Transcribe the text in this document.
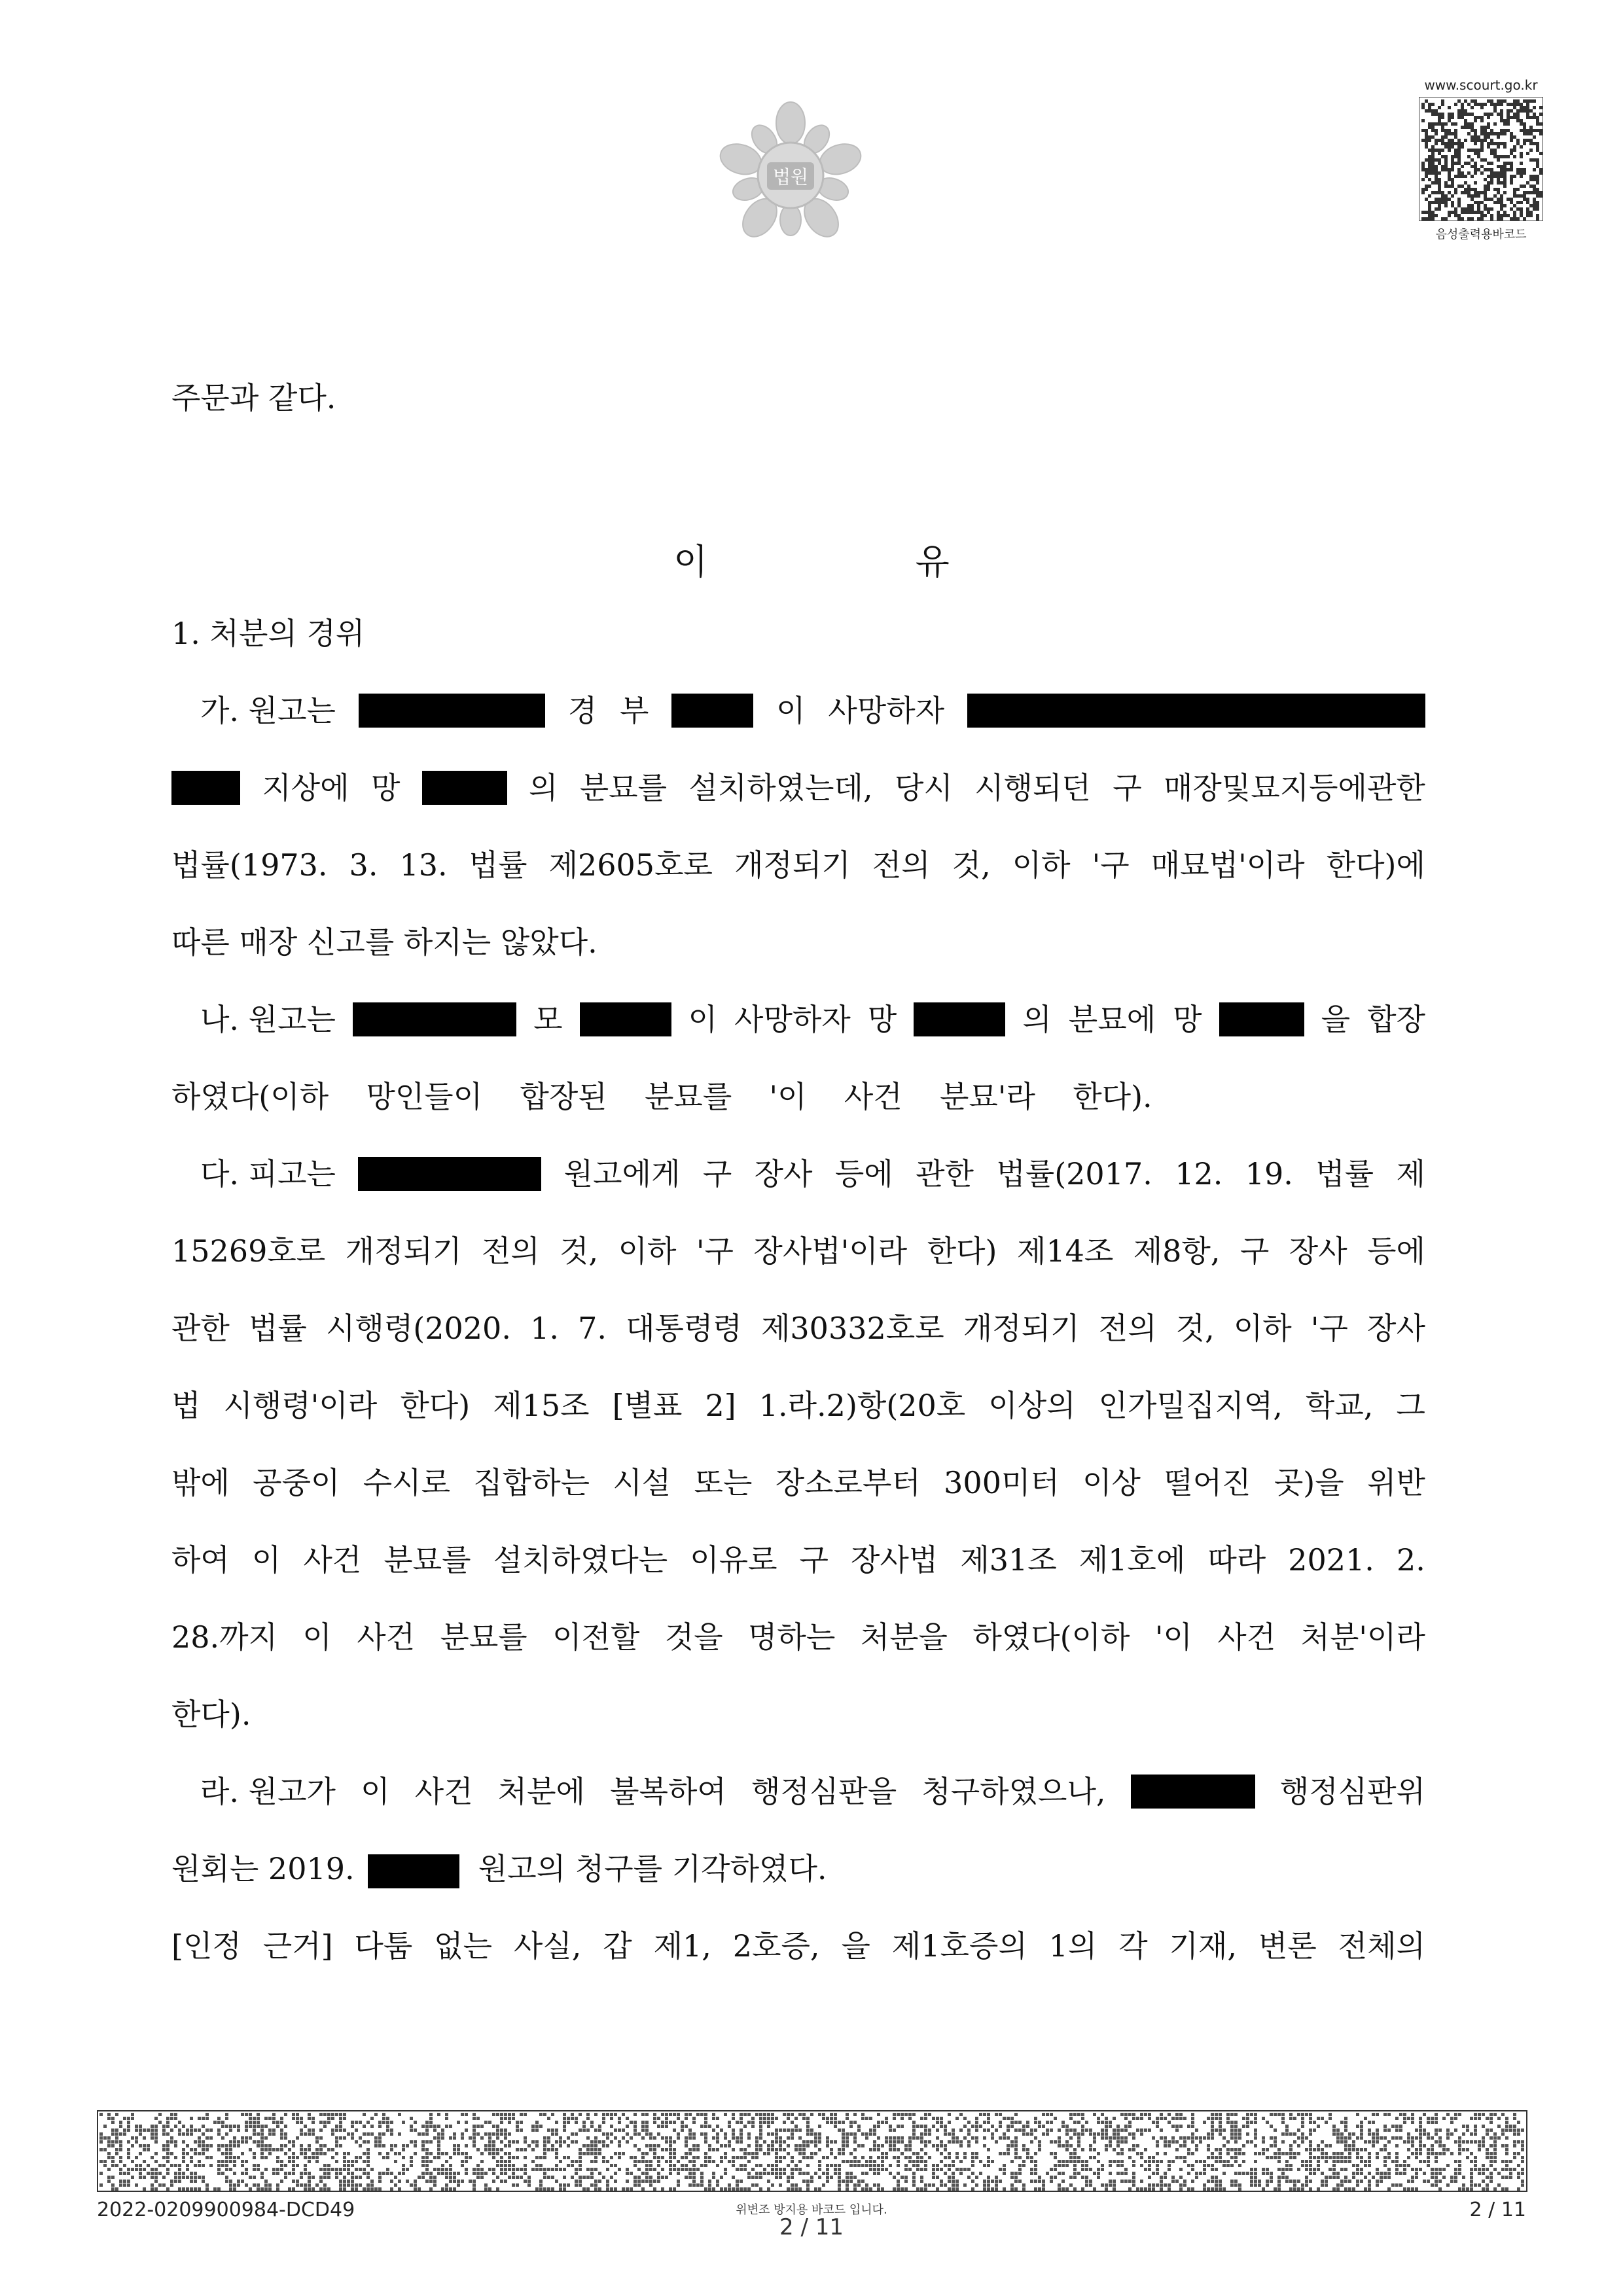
법원
www.scourt.go.kr
음성출력용바코드
주문과 같다.
이 유
1. 처분의 경위
가. 원고는	경 부	이 사망하자
지상에 망	의 분묘를 설치하였는데, 당시 시행되던 구 매장및묘지등에관한
법률(1973. 3. 13. 법률 제2605호로 개정되기 전의 것, 이하 '구 매묘법'이라 한다)에
따른 매장 신고를 하지는 않았다.
나. 원고는	모	이 사망하자 망	의 분묘에 망	을 합장
하였다(이하 망인들이 합장된 분묘를 '이 사건 분묘'라 한다).
다. 피고는	원고에게 구 장사 등에 관한 법률(2017. 12. 19. 법률 제
15269호로 개정되기 전의 것, 이하 '구 장사법'이라 한다) 제14조 제8항, 구 장사 등에
관한 법률 시행령(2020. 1. 7. 대통령령 제30332호로 개정되기 전의 것, 이하 '구 장사
법 시행령'이라 한다) 제15조 [별표 2] 1.라.2)항(20호 이상의 인가밀집지역, 학교, 그
밖에 공중이 수시로 집합하는 시설 또는 장소로부터 300미터 이상 떨어진 곳)을 위반
하여 이 사건 분묘를 설치하였다는 이유로 구 장사법 제31조 제1호에 따라 2021. 2.
28.까지 이 사건 분묘를 이전할 것을 명하는 처분을 하였다(이하 '이 사건 처분'이라
한다).
라. 원고가 이 사건 처분에 불복하여 행정심판을 청구하였으나,	행정심판위
원회는 2019.	원고의 청구를 기각하였다.
[인정 근거] 다툼 없는 사실, 갑 제1, 2호증, 을 제1호증의 1의 각 기재, 변론 전체의
2022-0209900984-DCD49	위변조 방지용 바코드 입니다.
2 / 11
2 / 11
